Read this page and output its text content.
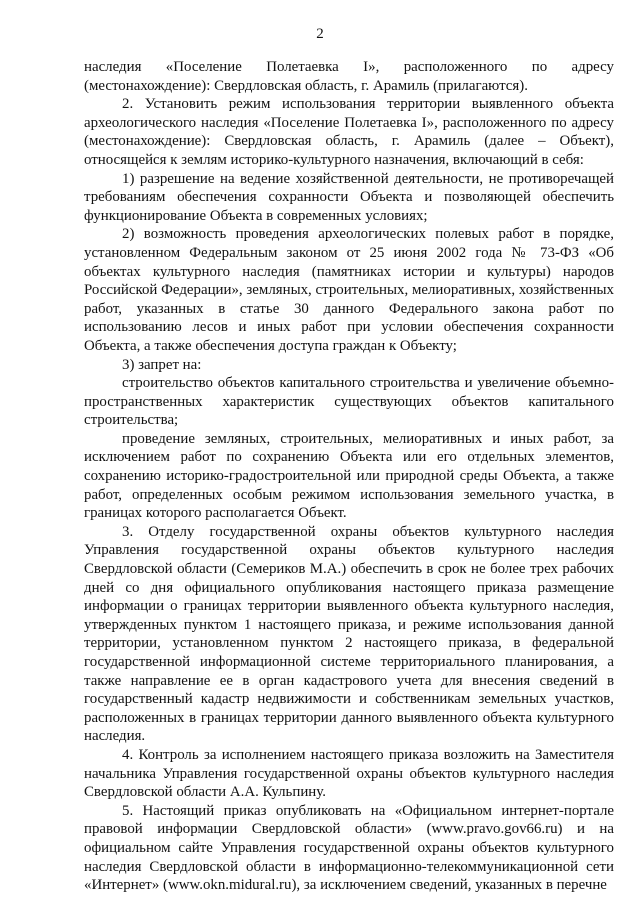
2

наследия «Поселение Полетаевка I», расположенного по адресу (местонахождение): Свердловская область, г. Арамиль (прилагаются).

2. Установить режим использования территории выявленного объекта археологического наследия «Поселение Полетаевка I», расположенного по адресу (местонахождение): Свердловская область, г. Арамиль (далее – Объект), относящейся к землям историко-культурного назначения, включающий в себя:

1) разрешение на ведение хозяйственной деятельности, не противоречащей требованиям обеспечения сохранности Объекта и позволяющей обеспечить функционирование Объекта в современных условиях;

2) возможность проведения археологических полевых работ в порядке, установленном Федеральным законом от 25 июня 2002 года № 73-ФЗ «Об объектах культурного наследия (памятниках истории и культуры) народов Российской Федерации», земляных, строительных, мелиоративных, хозяйственных работ, указанных в статье 30 данного Федерального закона работ по использованию лесов и иных работ при условии обеспечения сохранности Объекта, а также обеспечения доступа граждан к Объекту;

3) запрет на:

строительство объектов капитального строительства и увеличение объемно-пространственных характеристик существующих объектов капитального строительства;

проведение земляных, строительных, мелиоративных и иных работ, за исключением работ по сохранению Объекта или его отдельных элементов, сохранению историко-градостроительной или природной среды Объекта, а также работ, определенных особым режимом использования земельного участка, в границах которого располагается Объект.

3. Отделу государственной охраны объектов культурного наследия Управления государственной охраны объектов культурного наследия Свердловской области (Семериков М.А.) обеспечить в срок не более трех рабочих дней со дня официального опубликования настоящего приказа размещение информации о границах территории выявленного объекта культурного наследия, утвержденных пунктом 1 настоящего приказа, и режиме использования данной территории, установленном пунктом 2 настоящего приказа, в федеральной государственной информационной системе территориального планирования, а также направление ее в орган кадастрового учета для внесения сведений в государственный кадастр недвижимости и собственникам земельных участков, расположенных в границах территории данного выявленного объекта культурного наследия.

4. Контроль за исполнением настоящего приказа возложить на Заместителя начальника Управления государственной охраны объектов культурного наследия Свердловской области А.А. Кульпину.

5. Настоящий приказ опубликовать на «Официальном интернет-портале правовой информации Свердловской области» (www.pravo.gov66.ru) и на официальном сайте Управления государственной охраны объектов культурного наследия Свердловской области в информационно-телекоммуникационной сети «Интернет» (www.okn.midural.ru), за исключением сведений, указанных в перечне
